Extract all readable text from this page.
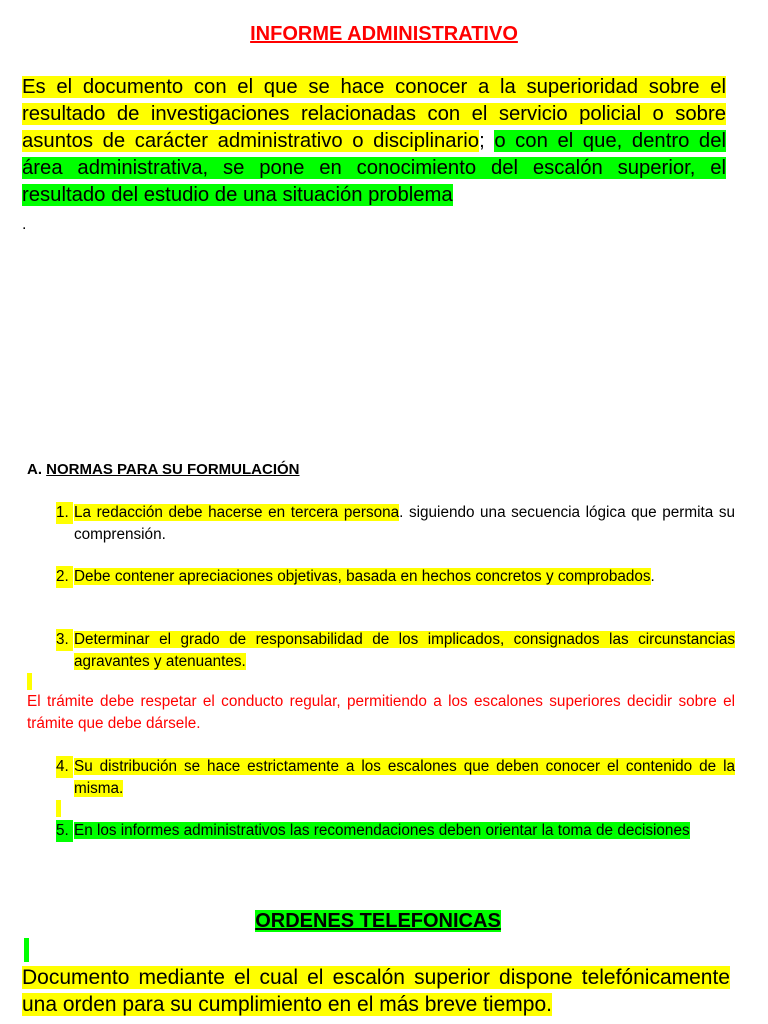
INFORME ADMINISTRATIVO
Es el documento con el que se hace conocer a la superioridad sobre el resultado de investigaciones relacionadas con el servicio policial o sobre asuntos de carácter administrativo o disciplinario; o con el que, dentro del área administrativa, se pone en conocimiento del escalón superior, el resultado del estudio de una situación problema
.
A. NORMAS PARA SU FORMULACIÓN
1. La redacción debe hacerse en tercera persona. siguiendo una secuencia lógica que permita su comprensión.
2. Debe contener apreciaciones objetivas, basada en hechos concretos y comprobados.
3. Determinar el grado de responsabilidad de los implicados, consignados las circunstancias agravantes y atenuantes.
El trámite debe respetar el conducto regular, permitiendo a los escalones superiores decidir sobre el trámite que debe dársele.
4. Su distribución se hace estrictamente a los escalones que deben conocer el contenido de la misma.
5. En los informes administrativos las recomendaciones deben orientar la toma de decisiones
ORDENES TELEFONICAS
Documento mediante el cual el escalón superior dispone telefónicamente una orden para su cumplimiento en el más breve tiempo.
